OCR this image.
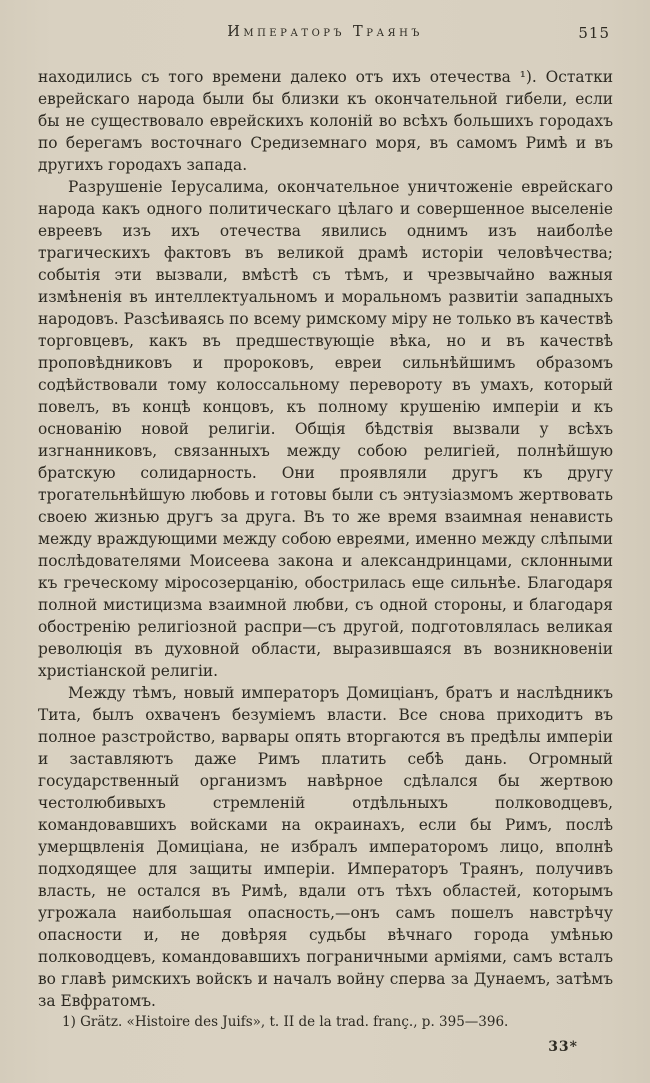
Императоръ Траянъ	515

находились съ того времени далеко отъ ихъ отечества ¹). Остатки еврейскаго народа были бы близки къ окончательной гибели, если бы не существовало еврейскихъ колоній во всѣхъ большихъ городахъ по берегамъ восточнаго Средиземнаго моря, въ самомъ Римѣ и въ другихъ городахъ запада.

Разрушеніе Іерусалима, окончательное уничтоженіе еврейскаго народа какъ одного политическаго цѣлаго и совершенное выселеніе евреевъ изъ ихъ отечества явились однимъ изъ наиболѣе трагическихъ фактовъ въ великой драмѣ исторіи человѣчества; событія эти вызвали, вмѣстѣ съ тѣмъ, и чрезвычайно важныя измѣненія въ интеллектуальномъ и моральномъ развитіи западныхъ народовъ. Разсѣиваясь по всему римскому міру не только въ качествѣ торговцевъ, какъ въ предшествующіе вѣка, но и въ качествѣ проповѣдниковъ и пророковъ, евреи сильнѣйшимъ образомъ содѣйствовали тому колоссальному перевороту въ умахъ, который повелъ, въ концѣ концовъ, къ полному крушенію имперіи и къ основанію новой религіи. Общія бѣдствія вызвали у всѣхъ изгнанниковъ, связанныхъ между собою религіей, полнѣйшую братскую солидарность. Они проявляли другъ къ другу трогательнѣйшую любовь и готовы были съ энтузіазмомъ жертвовать своею жизнью другъ за друга. Въ то же время взаимная ненависть между враждующими между собою евреями, именно между слѣпыми послѣдователями Моисеева закона и александринцами, склонными къ греческому міросозерцанію, обострилась еще сильнѣе. Благодаря полной мистицизма взаимной любви, съ одной стороны, и благодаря обостренію религіозной распри—съ другой, подготовлялась великая революція въ духовной области, выразившаяся въ возникновеніи христіанской религіи.

Между тѣмъ, новый императоръ Домиціанъ, братъ и наслѣдникъ Тита, былъ охваченъ безуміемъ власти. Все снова приходитъ въ полное разстройство, варвары опять вторгаются въ предѣлы имперіи и заставляютъ даже Римъ платить себѣ дань. Огромный государственный организмъ навѣрное сдѣлался бы жертвою честолюбивыхъ стремленій отдѣльныхъ полководцевъ, командовавшихъ войсками на окраинахъ, если бы Римъ, послѣ умерщвленія Домиціана, не избралъ императоромъ лицо, вполнѣ подходящее для защиты имперіи. Императоръ Траянъ, получивъ власть, не остался въ Римѣ, вдали отъ тѣхъ областей, которымъ угрожала наибольшая опасность,—онъ самъ пошелъ навстрѣчу опасности и, не довѣряя судьбы вѣчнаго города умѣнью полководцевъ, командовавшихъ пограничными арміями, самъ всталъ во главѣ римскихъ войскъ и началъ войну сперва за Дунаемъ, затѣмъ за Евфратомъ.

1) Grätz. «Histoire des Juifs», t. II de la trad. franç., p. 395—396.
33*
